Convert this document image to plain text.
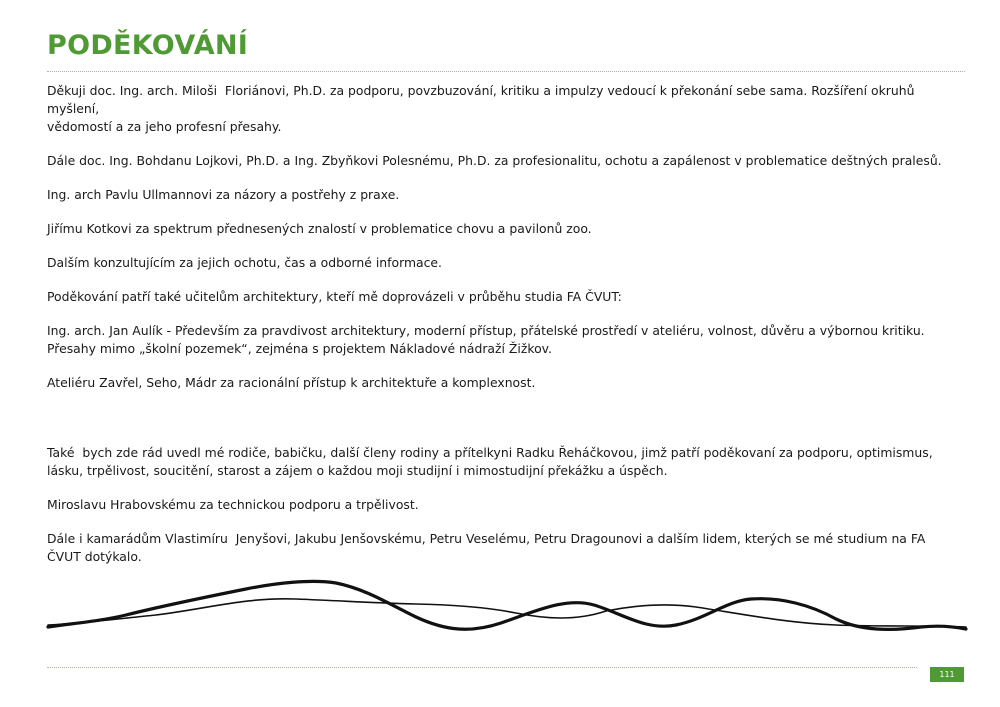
PODĚKOVÁNÍ

Děkuji doc. Ing. arch. Miloši  Floriánovi, Ph.D. za podporu, povzbuzování, kritiku a impulzy vedoucí k překonání sebe sama. Rozšíření okruhů myšlení,
vědomostí a za jeho profesní přesahy.

Dále doc. Ing. Bohdanu Lojkovi, Ph.D. a Ing. Zbyňkovi Polesnému, Ph.D. za profesionalitu, ochotu a zapálenost v problematice deštných pralesů.

Ing. arch Pavlu Ullmannovi za názory a postřehy z praxe.

Jiřímu Kotkovi za spektrum přednesených znalostí v problematice chovu a pavilonů zoo.

Dalším konzultujícím za jejich ochotu, čas a odborné informace.

Poděkování patří také učitelům architektury, kteří mě doprovázeli v průběhu studia FA ČVUT:

Ing. arch. Jan Aulík - Především za pravdivost architektury, moderní přístup, přátelské prostředí v ateliéru, volnost, důvěru a výbornou kritiku.
Přesahy mimo „školní pozemek“, zejména s projektem Nákladové nádraží Žižkov.

Ateliéru Zavřel, Seho, Mádr za racionální přístup k architektuře a komplexnost.

Také  bych zde rád uvedl mé rodiče, babičku, další členy rodiny a přítelkyni Radku Řeháčkovou, jimž patří poděkovaní za podporu, optimismus,
lásku, trpělivost, soucitění, starost a zájem o každou moji studijní i mimostudijní překážku a úspěch.

Miroslavu Hrabovskému za technickou podporu a trpělivost.

Dále i kamarádům Vlastimíru  Jenyšovi, Jakubu Jenšovskému, Petru Veselému, Petru Dragounovi a dalším lidem, kterých se mé studium na FA
ČVUT dotýkalo.

111
